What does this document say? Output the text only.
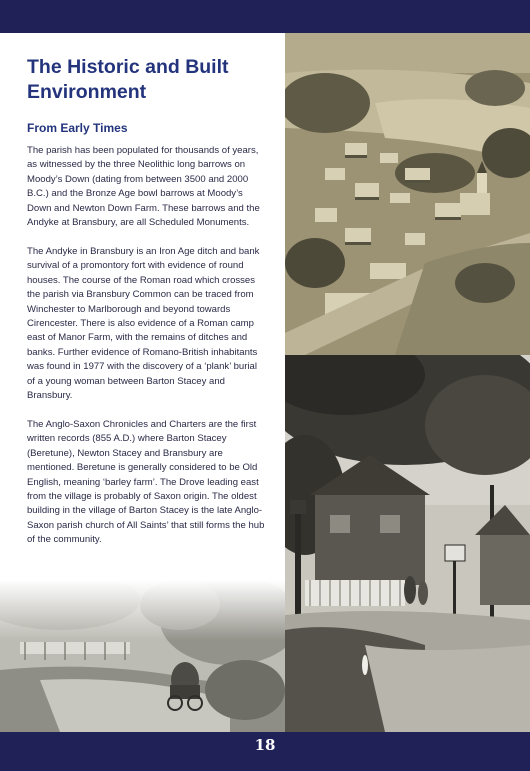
The Historic and Built Environment
From Early Times

The parish has been populated for thousands of years, as witnessed by the three Neolithic long barrows on Moody’s Down (dating from between 3500 and 2000 B.C.) and the Bronze Age bowl barrows at Moody’s Down and Newton Down Farm. These barrows and the Andyke at Bransbury, are all Scheduled Monuments.

The Andyke in Bransbury is an Iron Age ditch and bank survival of a promontory fort with evidence of round houses. The course of the Roman road which crosses the parish via Bransbury Common can be traced from Winchester to Marlborough and beyond towards Cirencester. There is also evidence of a Roman camp east of Manor Farm, with the remains of ditches and banks. Further evidence of Romano-British inhabitants was found in 1977 with the discovery of a ‘plank’ burial of a young woman between Barton Stacey and Bransbury.

The Anglo-Saxon Chronicles and Charters are the first written records (855 A.D.) where Barton Stacey (Beretune), Newton Stacey and Bransbury are mentioned. Beretune is generally considered to be Old English, meaning ‘barley farm’. The Drove leading east from the village is probably of Saxon origin. The oldest building in the village of Barton Stacey is the late Anglo-Saxon parish church of All Saints’ that still forms the hub of the community.

18
